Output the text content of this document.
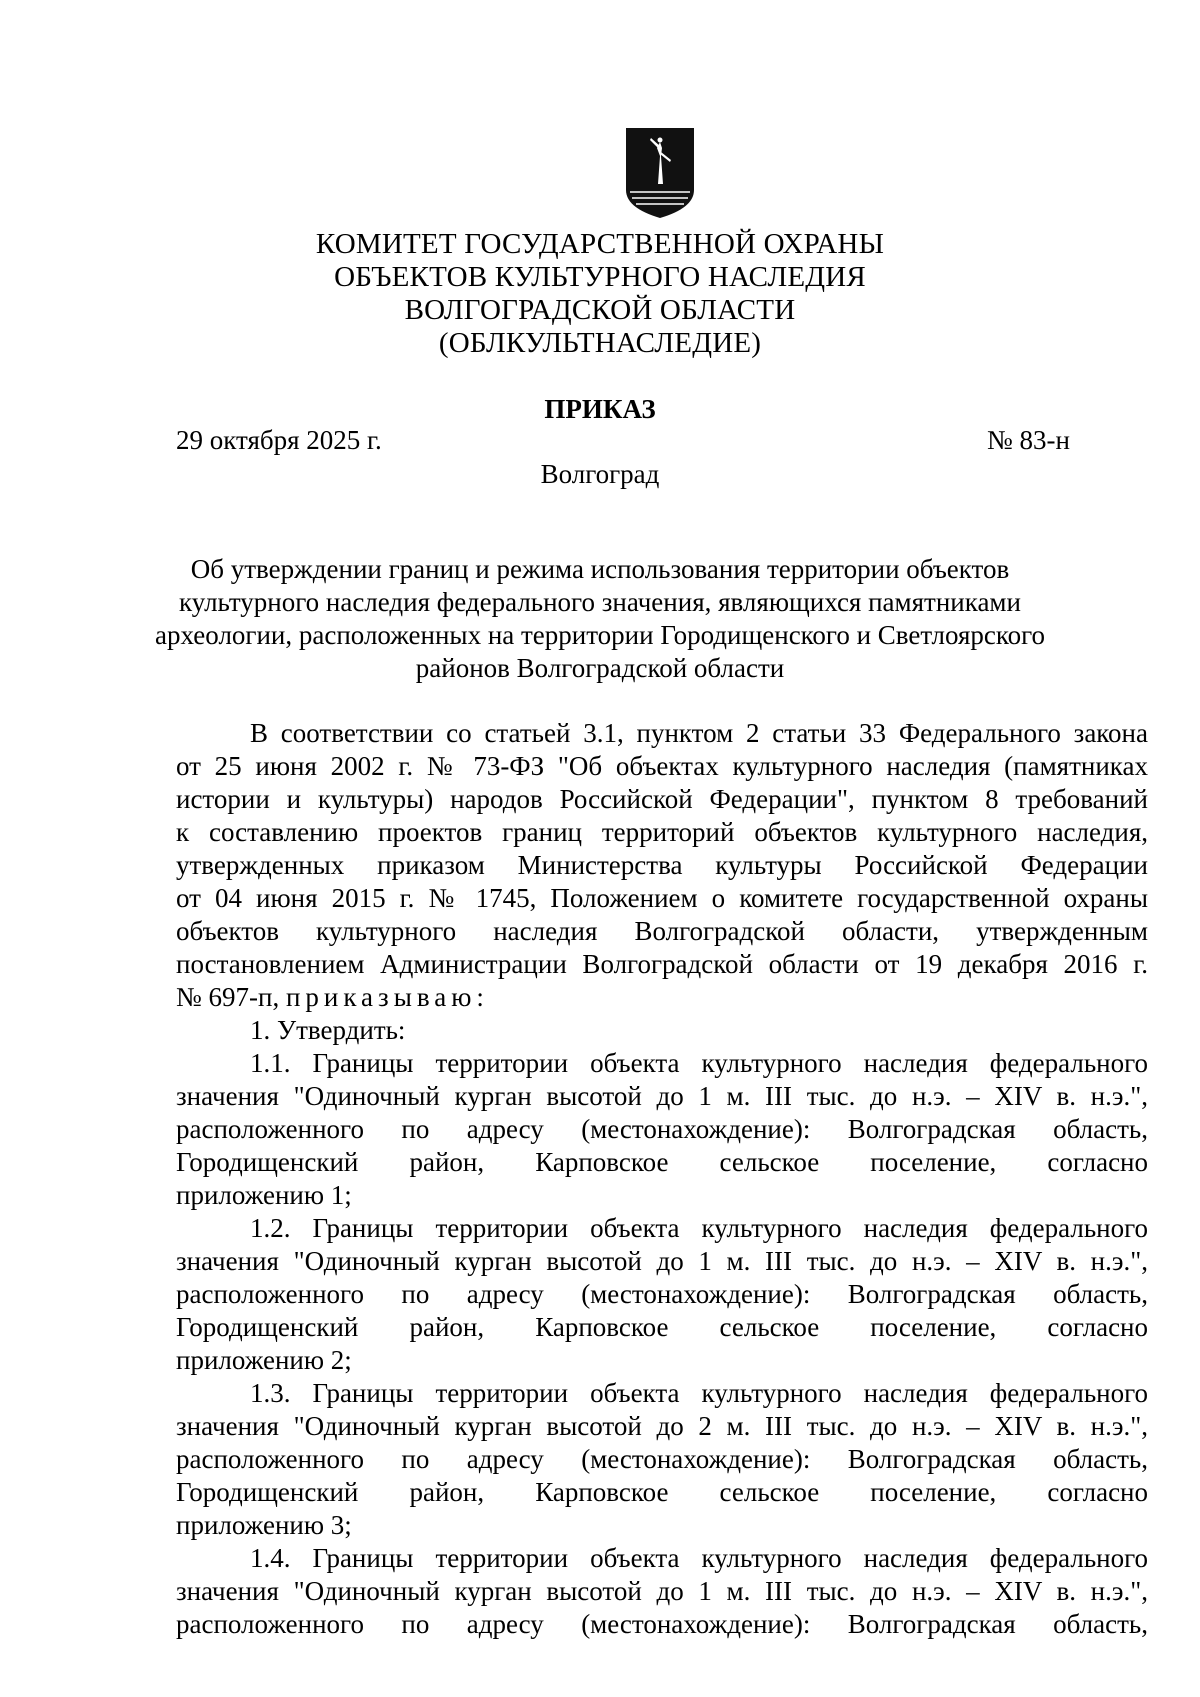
КОМИТЕТ ГОСУДАРСТВЕННОЙ ОХРАНЫ
ОБЪЕКТОВ КУЛЬТУРНОГО НАСЛЕДИЯ
ВОЛГОГРАДСКОЙ ОБЛАСТИ
(ОБЛКУЛЬТНАСЛЕДИЕ)
ПРИКАЗ
29 октября 2025 г.	№ 83-н
Волгоград
Об утверждении границ и режима использования территории объектов
культурного наследия федерального значения, являющихся памятниками
археологии, расположенных на территории Городищенского и Светлоярского
районов Волгоградской области
В соответствии со статьей 3.1, пунктом 2 статьи 33 Федерального закона
от 25 июня 2002 г. № 73-ФЗ "Об объектах культурного наследия (памятниках
истории и культуры) народов Российской Федерации", пунктом 8 требований
к составлению проектов границ территорий объектов культурного наследия,
утвержденных приказом Министерства культуры Российской Федерации
от 04 июня 2015 г. № 1745, Положением о комитете государственной охраны
объектов культурного наследия Волгоградской области, утвержденным
постановлением Администрации Волгоградской области от 19 декабря 2016 г.
№ 697-п, приказываю:
1. Утвердить:
1.1. Границы территории объекта культурного наследия федерального
значения "Одиночный курган высотой до 1 м. III тыс. до н.э. – XIV в. н.э.",
расположенного по адресу (местонахождение): Волгоградская область,
Городищенский район, Карповское сельское поселение, согласно
приложению 1;
1.2. Границы территории объекта культурного наследия федерального
значения "Одиночный курган высотой до 1 м. III тыс. до н.э. – XIV в. н.э.",
расположенного по адресу (местонахождение): Волгоградская область,
Городищенский район, Карповское сельское поселение, согласно
приложению 2;
1.3. Границы территории объекта культурного наследия федерального
значения "Одиночный курган высотой до 2 м. III тыс. до н.э. – XIV в. н.э.",
расположенного по адресу (местонахождение): Волгоградская область,
Городищенский район, Карповское сельское поселение, согласно
приложению 3;
1.4. Границы территории объекта культурного наследия федерального
значения "Одиночный курган высотой до 1 м. III тыс. до н.э. – XIV в. н.э.",
расположенного по адресу (местонахождение): Волгоградская область,
